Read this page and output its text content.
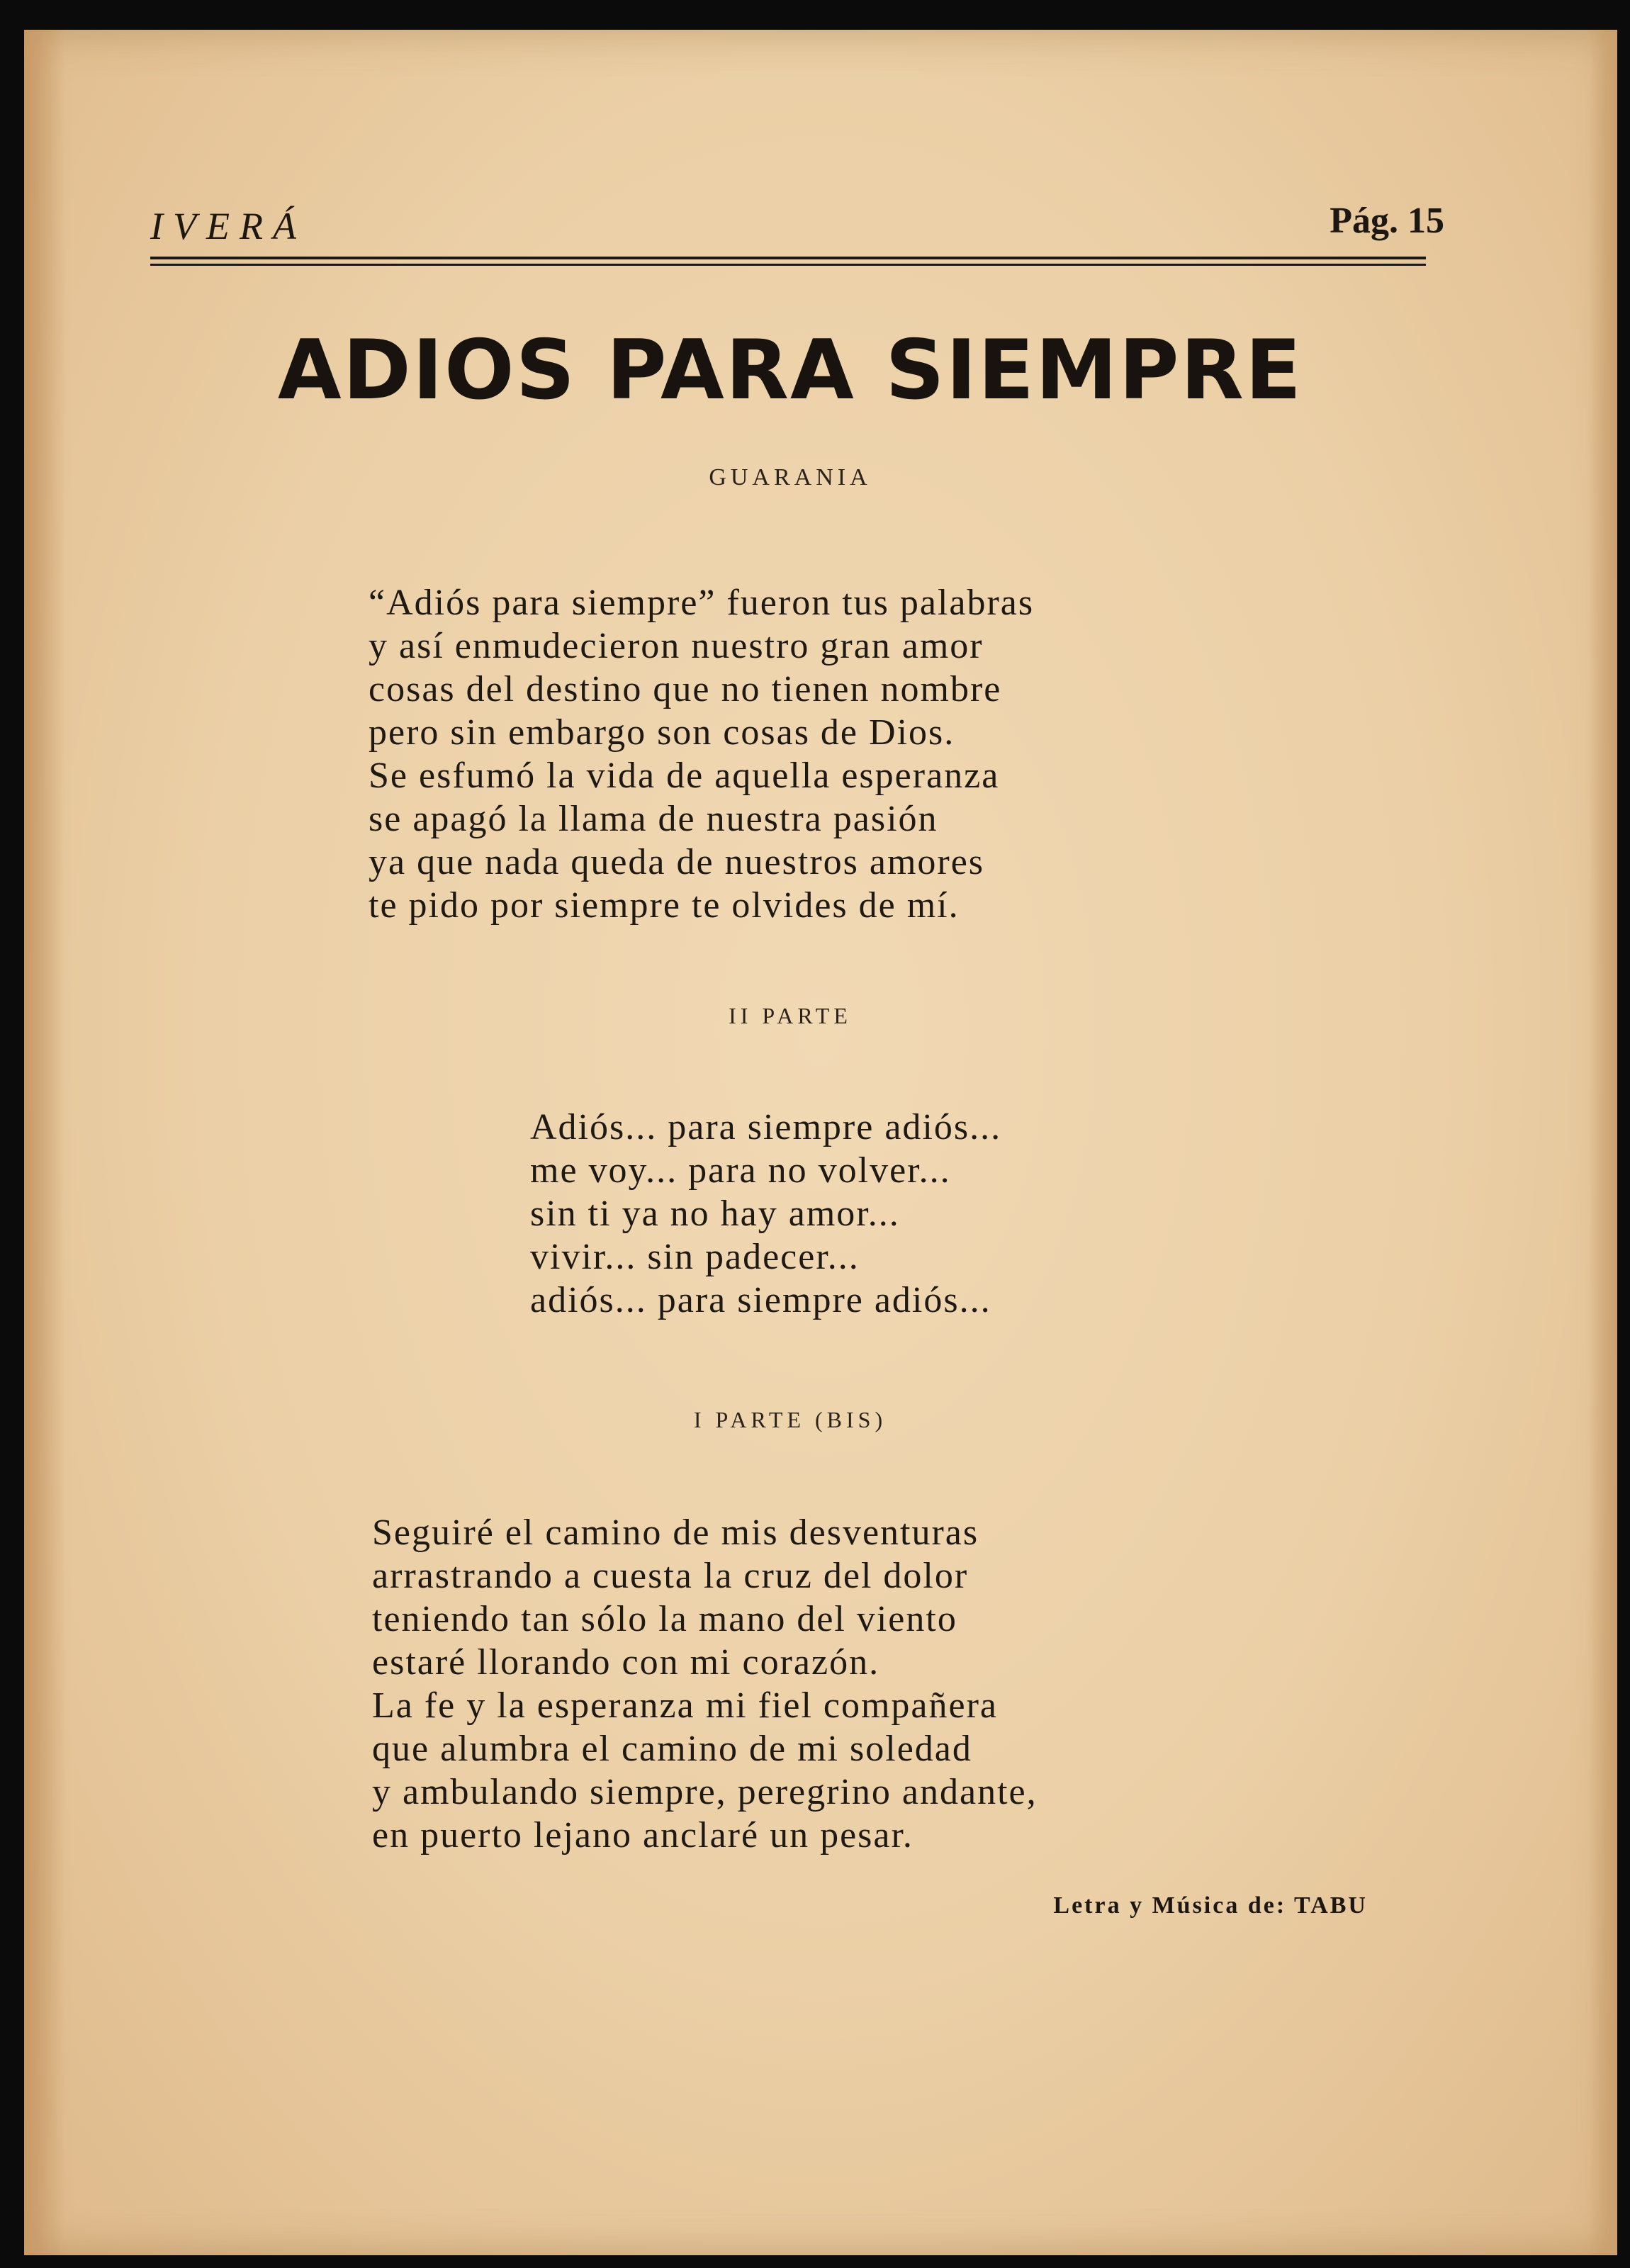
IVERÁ	Pág. 15
ADIOS PARA SIEMPRE
GUARANIA
“Adiós para siempre” fueron tus palabras
y así enmudecieron nuestro gran amor
cosas del destino que no tienen nombre
pero sin embargo son cosas de Dios.
Se esfumó la vida de aquella esperanza
se apagó la llama de nuestra pasión
ya que nada queda de nuestros amores
te pido por siempre te olvides de mí.
II PARTE
Adiós... para siempre adiós...
me voy... para no volver...
sin ti ya no hay amor...
vivir... sin padecer...
adiós... para siempre adiós...
I PARTE (BIS)
Seguiré el camino de mis desventuras
arrastrando a cuesta la cruz del dolor
teniendo tan sólo la mano del viento
estaré llorando con mi corazón.
La fe y la esperanza mi fiel compañera
que alumbra el camino de mi soledad
y ambulando siempre, peregrino andante,
en puerto lejano anclaré un pesar.
Letra y Música de: TABU
